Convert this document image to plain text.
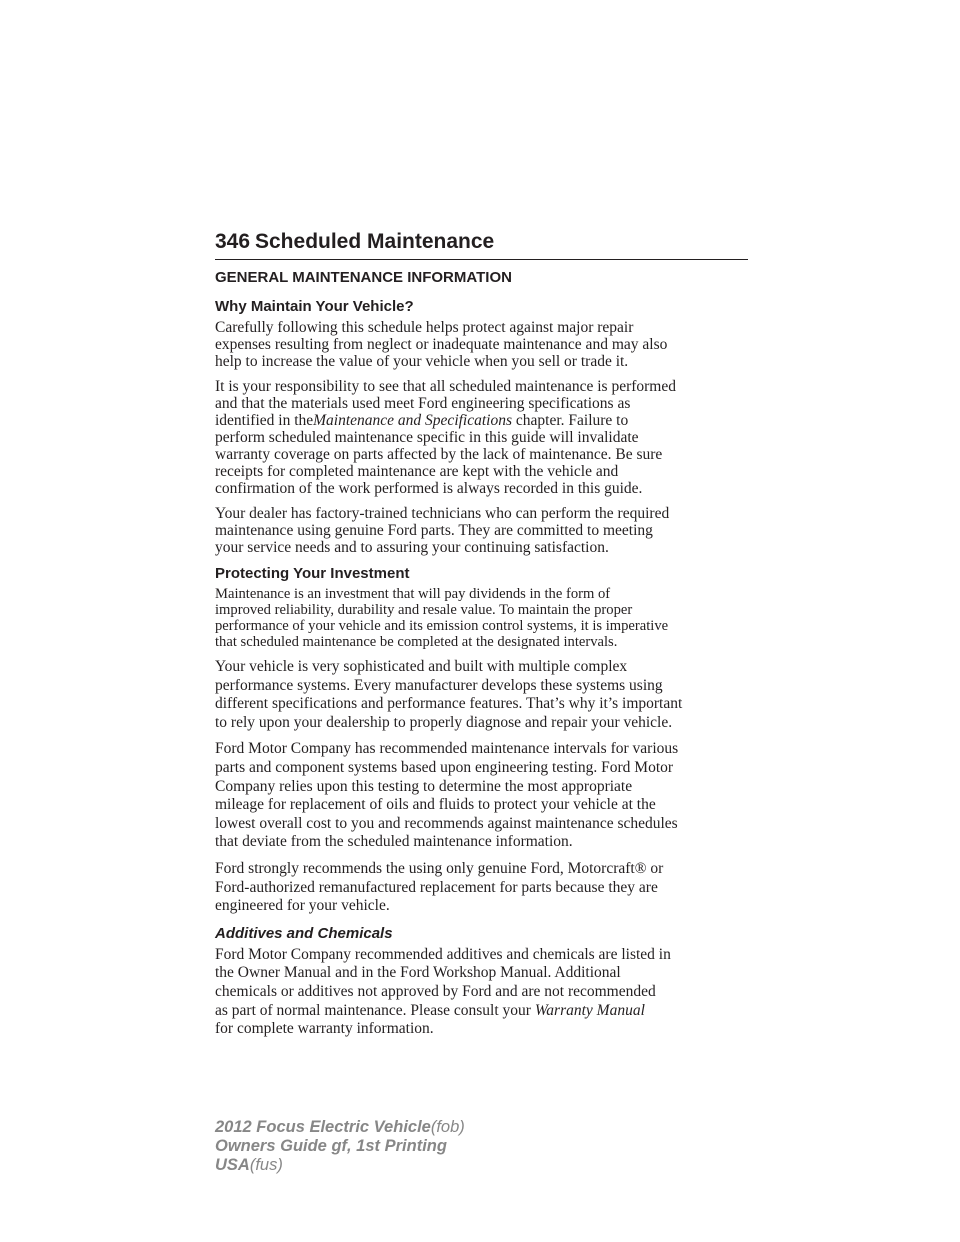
346 Scheduled Maintenance
GENERAL MAINTENANCE INFORMATION
Why Maintain Your Vehicle?

Carefully following this schedule helps protect against major repair
expenses resulting from neglect or inadequate maintenance and may also
help to increase the value of your vehicle when you sell or trade it.

It is your responsibility to see that all scheduled maintenance is performed
and that the materials used meet Ford engineering specifications as
identified in theMaintenance and Specifications chapter. Failure to
perform scheduled maintenance specific in this guide will invalidate
warranty coverage on parts affected by the lack of maintenance. Be sure
receipts for completed maintenance are kept with the vehicle and
confirmation of the work performed is always recorded in this guide.

Your dealer has factory-trained technicians who can perform the required
maintenance using genuine Ford parts. They are committed to meeting
your service needs and to assuring your continuing satisfaction.

Protecting Your Investment

Maintenance is an investment that will pay dividends in the form of
improved reliability, durability and resale value. To maintain the proper
performance of your vehicle and its emission control systems, it is imperative
that scheduled maintenance be completed at the designated intervals.

Your vehicle is very sophisticated and built with multiple complex
performance systems. Every manufacturer develops these systems using
different specifications and performance features. That’s why it’s important
to rely upon your dealership to properly diagnose and repair your vehicle.

Ford Motor Company has recommended maintenance intervals for various
parts and component systems based upon engineering testing. Ford Motor
Company relies upon this testing to determine the most appropriate
mileage for replacement of oils and fluids to protect your vehicle at the
lowest overall cost to you and recommends against maintenance schedules
that deviate from the scheduled maintenance information.

Ford strongly recommends the using only genuine Ford, Motorcraft® or
Ford-authorized remanufactured replacement for parts because they are
engineered for your vehicle.

Additives and Chemicals

Ford Motor Company recommended additives and chemicals are listed in
the Owner Manual and in the Ford Workshop Manual. Additional
chemicals or additives not approved by Ford and are not recommended
as part of normal maintenance. Please consult your Warranty Manual
for complete warranty information.

2012 Focus Electric Vehicle(fob)
Owners Guide gf, 1st Printing
USA(fus)
